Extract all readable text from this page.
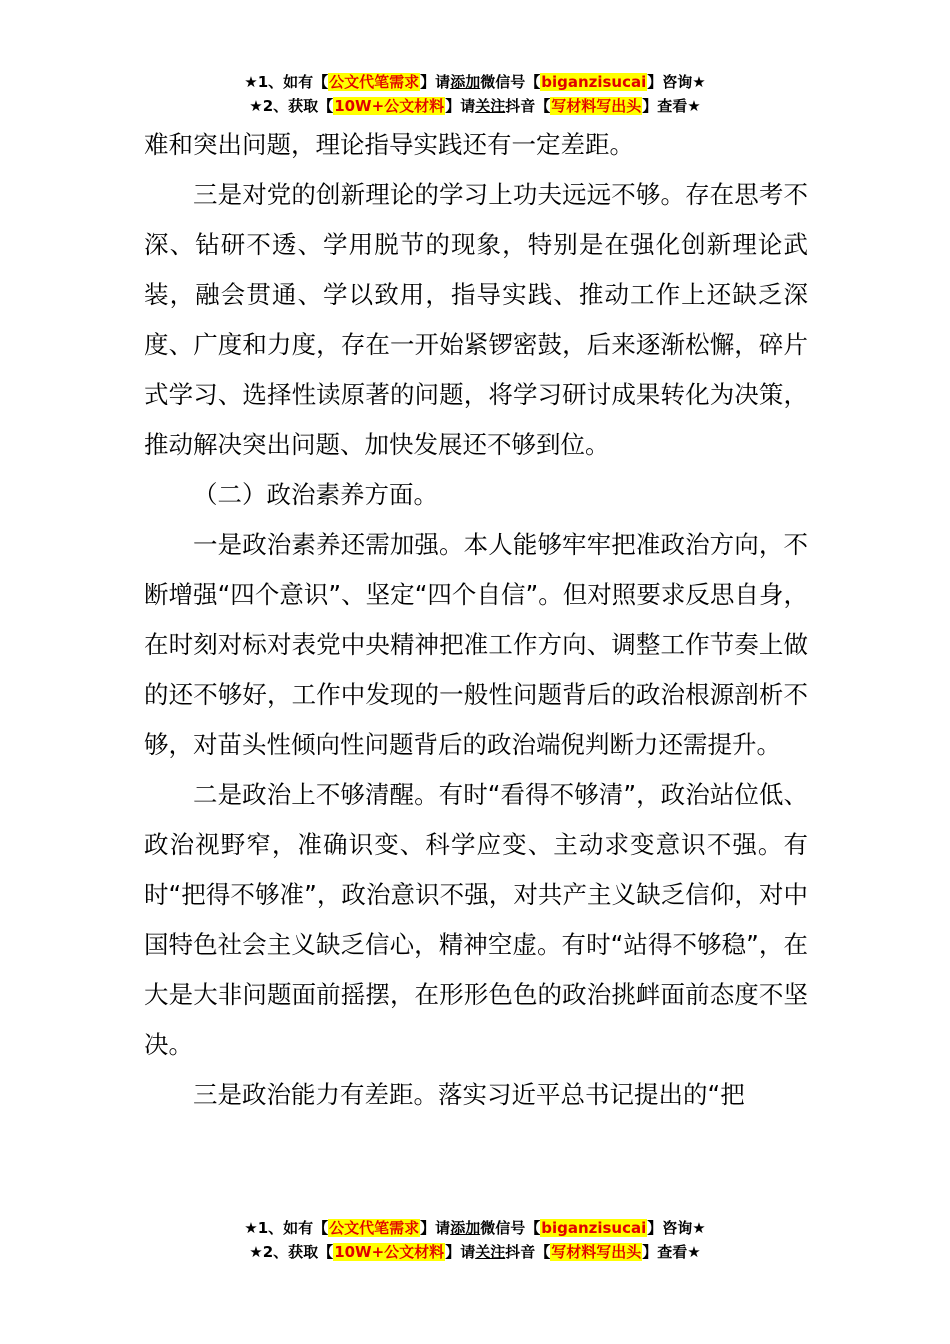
★1、如有【公文代笔需求】请添加微信号【biganzisucai】咨询★
★2、获取【10W+公文材料】请关注抖音【写材料写出头】查看★

难和突出问题，理论指导实践还有一定差距。

三是对党的创新理论的学习上功夫远远不够。存在思考不深、钻研不透、学用脱节的现象，特别是在强化创新理论武装，融会贯通、学以致用，指导实践、推动工作上还缺乏深度、广度和力度，存在一开始紧锣密鼓，后来逐渐松懈，碎片式学习、选择性读原著的问题，将学习研讨成果转化为决策，推动解决突出问题、加快发展还不够到位。

（二）政治素养方面。

一是政治素养还需加强。本人能够牢牢把准政治方向，不断增强“四个意识”、坚定“四个自信”。但对照要求反思自身，在时刻对标对表党中央精神把准工作方向、调整工作节奏上做的还不够好，工作中发现的一般性问题背后的政治根源剖析不够，对苗头性倾向性问题背后的政治端倪判断力还需提升。

二是政治上不够清醒。有时“看得不够清”，政治站位低、政治视野窄，准确识变、科学应变、主动求变意识不强。有时“把得不够准”，政治意识不强，对共产主义缺乏信仰，对中国特色社会主义缺乏信心，精神空虚。有时“站得不够稳”，在大是大非问题面前摇摆，在形形色色的政治挑衅面前态度不坚决。

三是政治能力有差距。落实习近平总书记提出的“把

★1、如有【公文代笔需求】请添加微信号【biganzisucai】咨询★
★2、获取【10W+公文材料】请关注抖音【写材料写出头】查看★
